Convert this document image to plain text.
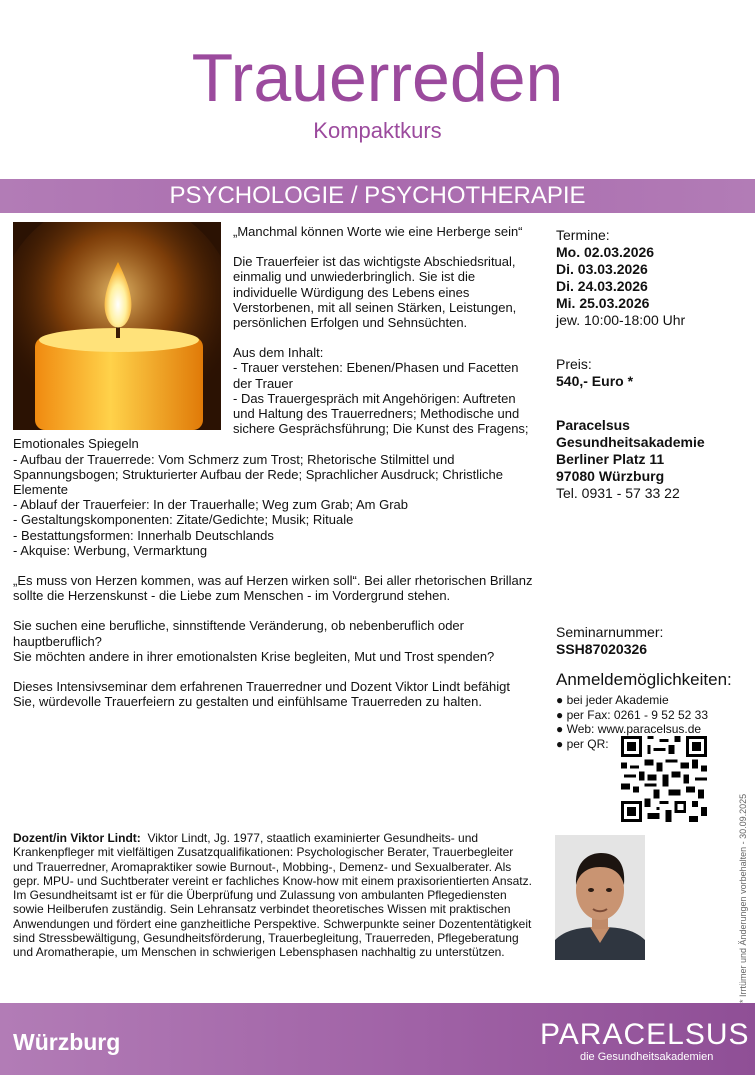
Trauerreden
Kompaktkurs
PSYCHOLOGIE / PSYCHOTHERAPIE

„Manchmal können Worte wie eine Herberge sein“

Die Trauerfeier ist das wichtigste Abschiedsritual, einmalig und unwiederbringlich. Sie ist die individuelle Würdigung des Lebens eines Verstorbenen, mit all seinen Stärken, Leistungen, persönlichen Erfolgen und Sehnsüchten.

Aus dem Inhalt:

- Trauer verstehen: Ebenen/Phasen und Facetten der Trauer

- Das Trauergespräch mit Angehörigen: Auftreten und Haltung des Trauerredners; Methodische und sichere Gesprächsführung; Die Kunst des Fragens; Emotionales Spiegeln

- Aufbau der Trauerrede: Vom Schmerz zum Trost; Rhetorische Stilmittel und Spannungsbogen; Strukturierter Aufbau der Rede; Sprachlicher Ausdruck; Christliche Elemente

- Ablauf der Trauerfeier: In der Trauerhalle; Weg zum Grab; Am Grab

- Gestaltungskomponenten: Zitate/Gedichte; Musik; Rituale

- Bestattungsformen: Innerhalb Deutschlands

- Akquise: Werbung, Vermarktung

„Es muss von Herzen kommen, was auf Herzen wirken soll“. Bei aller rhetorischen Brillanz sollte die Herzenskunst - die Liebe zum Menschen - im Vordergrund stehen.

Sie suchen eine berufliche, sinnstiftende Veränderung, ob nebenberuflich oder hauptberuflich?

Sie möchten andere in ihrer emotionalsten Krise begleiten, Mut und Trost spenden?

Dieses Intensivseminar dem erfahrenen Trauerredner und Dozent Viktor Lindt befähigt Sie, würdevolle Trauerfeiern zu gestalten und einfühlsame Trauerreden zu halten.

Termine:
Mo. 02.03.2026
Di. 03.03.2026
Di. 24.03.2026
Mi. 25.03.2026
jew. 10:00-18:00 Uhr
Preis:
540,- Euro *
Paracelsus
Gesundheitsakademie
Berliner Platz 11
97080 Würzburg
Tel. 0931 - 57 33 22
Seminarnummer:
SSH87020326
Anmeldemöglichkeiten:
● bei jeder Akademie
● per Fax: 0261 - 9 52 52 33
● Web: www.paracelsus.de
● per QR:
* Irrtümer und Änderungen vorbehalten - 30.09.2025
Dozent/in Viktor Lindt: Viktor Lindt, Jg. 1977, staatlich examinierter Gesundheits- und Krankenpfleger mit vielfältigen Zusatzqualifikationen: Psychologischer Berater, Trauerbegleiter und Trauerredner, Aromapraktiker sowie Burnout-, Mobbing-, Demenz- und Sexualberater. Als gepr. MPU- und Suchtberater vereint er fachliches Know-how mit einem praxisorientierten Ansatz. Im Gesundheitsamt ist er für die Überprüfung und Zulassung von ambulanten Pflegediensten sowie Heilberufen zuständig. Sein Lehransatz verbindet theoretisches Wissen mit praktischen Anwendungen und fördert eine ganzheitliche Perspektive. Schwerpunkte seiner Dozententätigkeit sind Stressbewältigung, Gesundheitsförderung, Trauerbegleitung, Trauerreden, Pflegeberatung und Aromatherapie, um Menschen in schwierigen Lebensphasen nachhaltig zu unterstützen.
Würzburg	PARACELSUS
die Gesundheitsakademien
